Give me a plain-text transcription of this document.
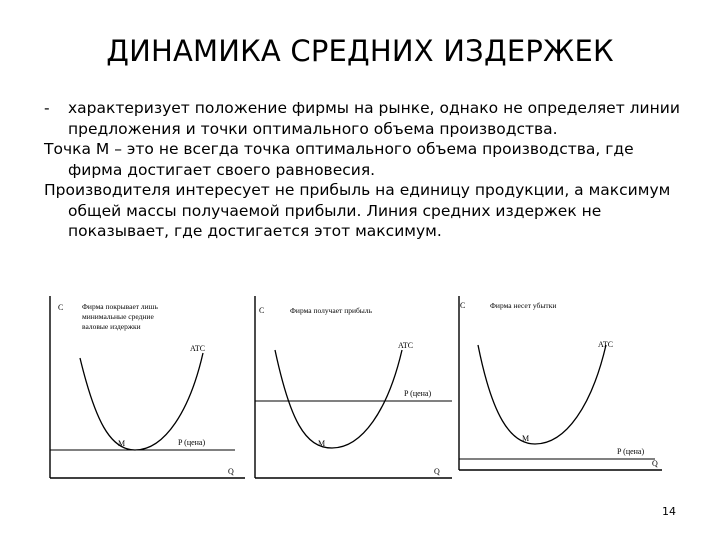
ДИНАМИКА СРЕДНИХ ИЗДЕРЖЕК

- характеризует положение фирмы на рынке, однако не определяет линии предложения и точки оптимального объема производства.

Точка М – это не всегда точка оптимального объема производства, где фирма достигает своего равновесия.

Производителя интересует не прибыль на единицу продукции, а максимум общей массы получаемой прибыли. Линия средних издержек не показывает, где достигается этот максимум.

C
Q
Фирма покрывает лишь
минимальные средние
валовые издержки
ATC
M	P (цена)
C
Q
Фирма получает прибыль
ATC
M
P (цена)
C
Q
Фирма несет убытки
ATC
M
P (цена)
14
